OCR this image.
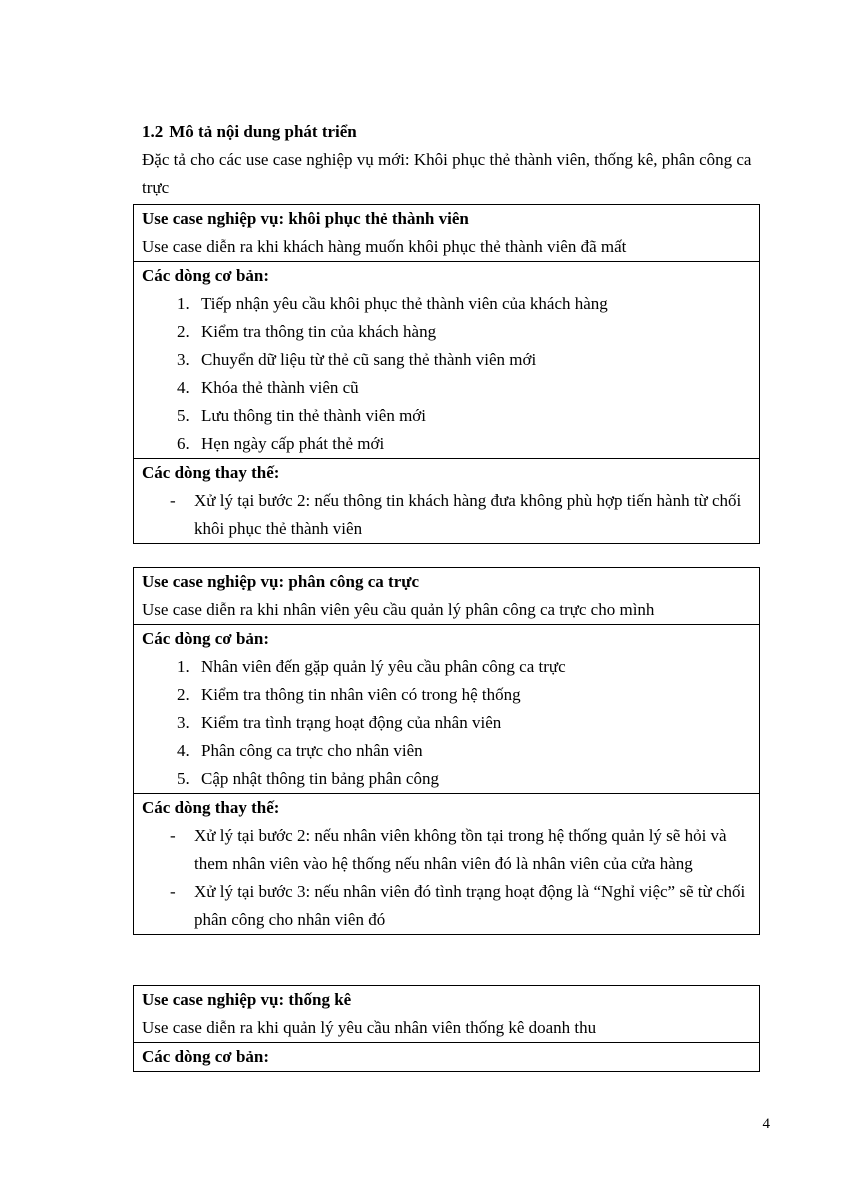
1.2 Mô tả nội dung phát triển

Đặc tả cho các use case nghiệp vụ mới: Khôi phục thẻ thành viên, thống kê, phân công ca trực

Use case nghiệp vụ: khôi phục thẻ thành viên
Use case diễn ra khi khách hàng muốn khôi phục thẻ thành viên đã mất

Các dòng cơ bản:
1. Tiếp nhận yêu cầu khôi phục thẻ thành viên của khách hàng
2. Kiểm tra thông tin của khách hàng
3. Chuyển dữ liệu từ thẻ cũ sang thẻ thành viên mới
4. Khóa thẻ thành viên cũ
5. Lưu thông tin thẻ thành viên mới
6. Hẹn ngày cấp phát thẻ mới

Các dòng thay thế:
- Xử lý tại bước 2: nếu thông tin khách hàng đưa không phù hợp tiến hành từ chối khôi phục thẻ thành viên
Use case nghiệp vụ: phân công ca trực
Use case diễn ra khi nhân viên yêu cầu quản lý phân công ca trực cho mình

Các dòng cơ bản:
1. Nhân viên đến gặp quản lý yêu cầu phân công ca trực
2. Kiểm tra thông tin nhân viên có trong hệ thống
3. Kiểm tra tình trạng hoạt động của nhân viên
4. Phân công ca trực cho nhân viên
5. Cập nhật thông tin bảng phân công

Các dòng thay thế:
- Xử lý tại bước 2: nếu nhân viên không tồn tại trong hệ thống quản lý sẽ hỏi và them nhân viên vào hệ thống nếu nhân viên đó là nhân viên của cửa hàng
- Xử lý tại bước 3: nếu nhân viên đó tình trạng hoạt động là “Nghỉ việc” sẽ từ chối phân công cho nhân viên đó
Use case nghiệp vụ: thống kê
Use case diễn ra khi quản lý yêu cầu nhân viên thống kê doanh thu

Các dòng cơ bản:
4
